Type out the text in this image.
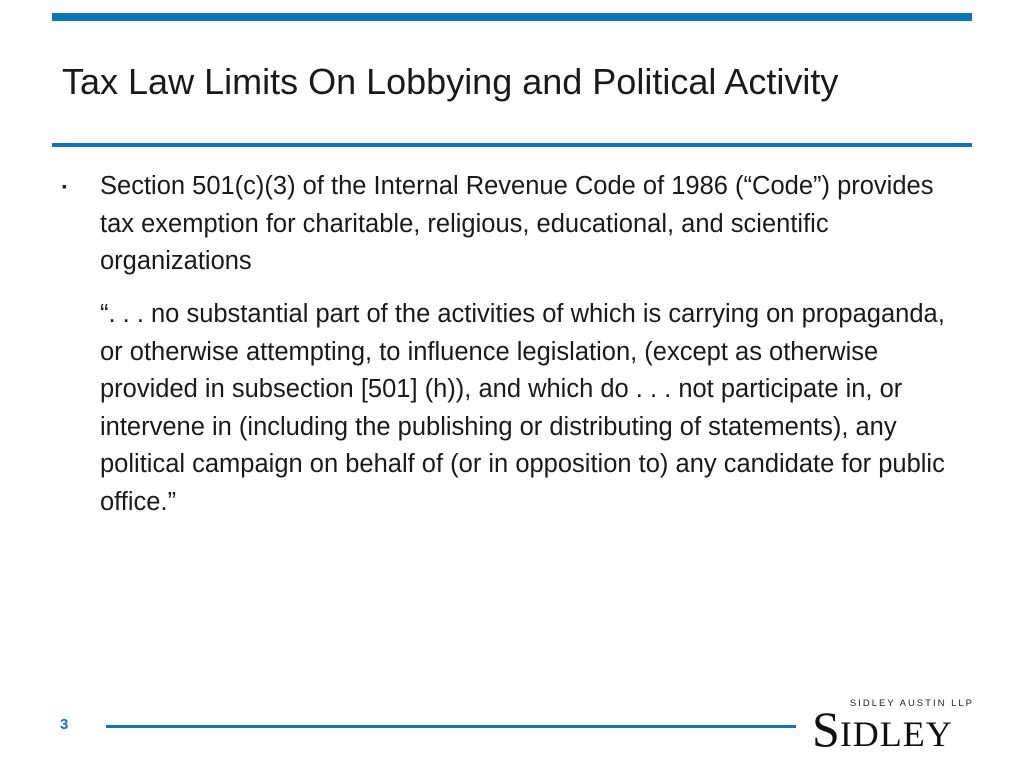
Tax Law Limits On Lobbying and Political Activity
▪ Section 501(c)(3) of the Internal Revenue Code of 1986 (“Code”) provides tax exemption for charitable, religious, educational, and scientific organizations
“. . . no substantial part of the activities of which is carrying on propaganda, or otherwise attempting, to influence legislation, (except as otherwise provided in subsection [501] (h)), and which do . . . not participate in, or intervene in (including the publishing or distributing of statements), any political campaign on behalf of (or in opposition to) any candidate for public office.”
3
SIDLEY AUSTIN LLP
SIDLEY
